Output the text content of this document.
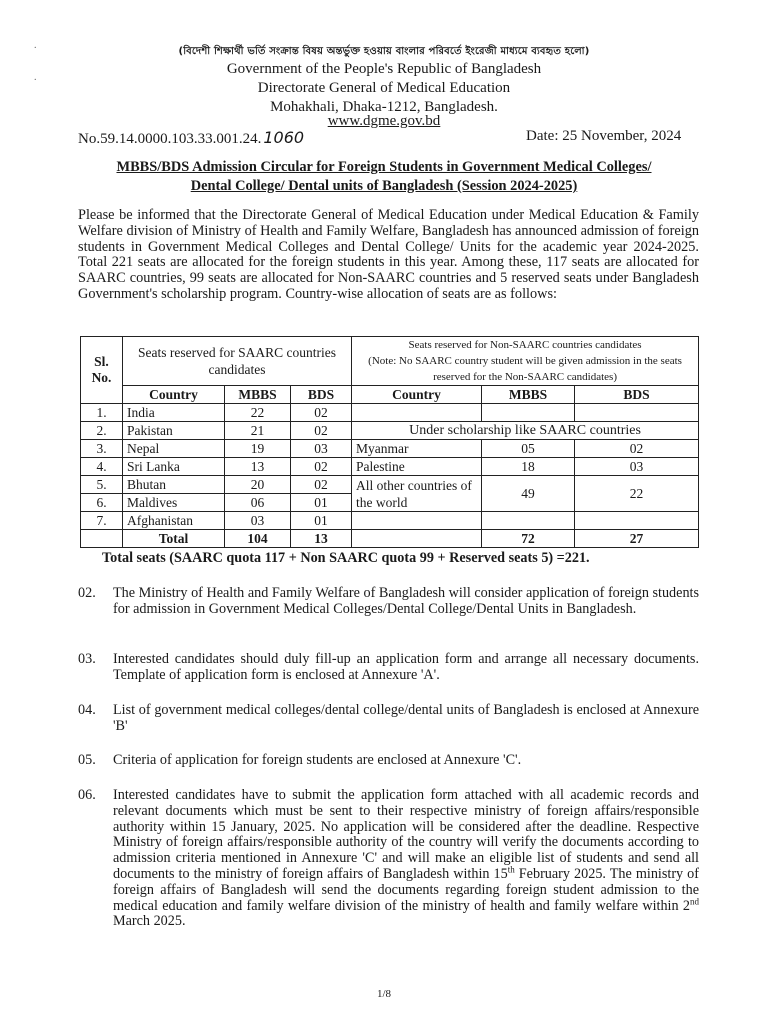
.
.
(বিদেশী শিক্ষার্থী ভর্তি সংক্রান্ত বিষয় অন্তর্ভুক্ত হওয়ায় বাংলার পরিবর্তে ইংরেজী মাধ্যমে ব্যবহৃত হলো)
Government of the People's Republic of Bangladesh
Directorate General of Medical Education
Mohakhali, Dhaka-1212, Bangladesh.
www.dgme.gov.bd
No.59.14.0000.103.33.001.24. 1060	Date: 25 November, 2024
MBBS/BDS Admission Circular for Foreign Students in Government Medical Colleges/
Dental College/ Dental units of Bangladesh (Session 2024-2025)
Please be informed that the Directorate General of Medical Education under Medical Education & Family Welfare division of Ministry of Health and Family Welfare, Bangladesh has announced admission of foreign students in Government Medical Colleges and Dental College/ Units for the academic year 2024-2025. Total 221 seats are allocated for the foreign students in this year. Among these, 117 seats are allocated for SAARC countries, 99 seats are allocated for Non-SAARC countries and 5 reserved seats under Bangladesh Government's scholarship program. Country-wise allocation of seats are as follows:
Sl. No.	Seats reserved for SAARC countries candidates			Seats reserved for Non-SAARC countries candidates
(Note: No SAARC country student will be given admission in the seats reserved for the Non-SAARC candidates)		

	Country	MBBS	BDS	Country	MBBS	BDS
1.	India	22	02			
2.	Pakistan	21	02	Under scholarship like SAARC countries		
3.	Nepal	19	03	Myanmar	05	02
4.	Sri Lanka	13	02	Palestine	18	03
5.	Bhutan	20	02	All other countries of the world	49	22
6.	Maldives	06	01			
7.	Afghanistan	03	01			
	Total	104	13		72	27
Total seats (SAARC quota 117 + Non SAARC quota 99 + Reserved seats 5) =221.
02. The Ministry of Health and Family Welfare of Bangladesh will consider application of foreign students for admission in Government Medical Colleges/Dental College/Dental Units in Bangladesh.
03. Interested candidates should duly fill-up an application form and arrange all necessary documents. Template of application form is enclosed at Annexure 'A'.
04. List of government medical colleges/dental college/dental units of Bangladesh is enclosed at Annexure 'B'
05. Criteria of application for foreign students are enclosed at Annexure 'C'.
06. Interested candidates have to submit the application form attached with all academic records and relevant documents which must be sent to their respective ministry of foreign affairs/responsible authority within 15 January, 2025. No application will be considered after the deadline. Respective Ministry of foreign affairs/responsible authority of the country will verify the documents according to admission criteria mentioned in Annexure 'C' and will make an eligible list of students and send all documents to the ministry of foreign affairs of Bangladesh within 15th February 2025. The ministry of foreign affairs of Bangladesh will send the documents regarding foreign student admission to the medical education and family welfare division of the ministry of health and family welfare within 2nd March 2025.
1/8
